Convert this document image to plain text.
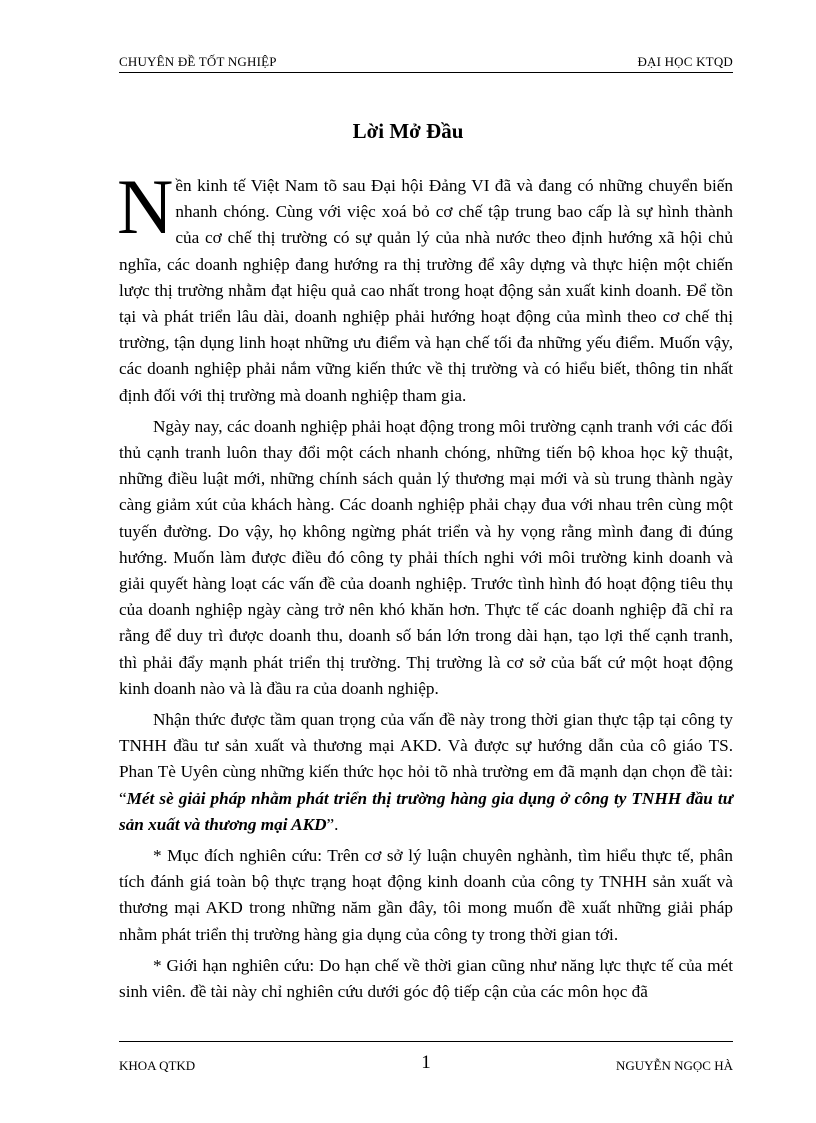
CHUYÊN ĐỀ TỐT NGHIỆP	ĐẠI HỌC KTQD
Lời Mở Đầu

Nền kinh tế Việt Nam tõ sau Đại hội Đảng VI đã và đang có những chuyển biến nhanh chóng. Cùng với việc xoá bỏ cơ chế tập trung bao cấp là sự hình thành của cơ chế thị trường có sự quản lý của nhà nước theo định hướng xã hội chủ nghĩa, các doanh nghiệp đang hướng ra thị trường để xây dựng và thực hiện một chiến lược thị trường nhằm đạt hiệu quả cao nhất trong hoạt động sản xuất kinh doanh. Để tồn tại và phát triển lâu dài, doanh nghiệp phải hướng hoạt động của mình theo cơ chế thị trường, tận dụng linh hoạt những ưu điểm và hạn chế tối đa những yếu điểm. Muốn vậy, các doanh nghiệp phải nắm vững kiến thức về thị trường và có hiểu biết, thông tin nhất định đối với thị trường mà doanh nghiệp tham gia.

Ngày nay, các doanh nghiệp phải hoạt động trong môi trường cạnh tranh với các đối thủ cạnh tranh luôn thay đổi một cách nhanh chóng, những tiến bộ khoa học kỹ thuật, những điều luật mới, những chính sách quản lý thương mại mới và sù trung thành ngày càng giảm xút của khách hàng. Các doanh nghiệp phải chạy đua với nhau trên cùng một tuyến đường. Do vậy, họ không ngừng phát triển và hy vọng rằng mình đang đi đúng hướng. Muốn làm được điều đó công ty phải thích nghi với môi trường kinh doanh và giải quyết hàng loạt các vấn đề của doanh nghiệp. Trước tình hình đó hoạt động tiêu thụ của doanh nghiệp ngày càng trở nên khó khăn hơn. Thực tế các doanh nghiệp đã chỉ ra rằng để duy trì được doanh thu, doanh số bán lớn trong dài hạn, tạo lợi thế cạnh tranh, thì phải đẩy mạnh phát triển thị trường. Thị trường là cơ sở của bất cứ một hoạt động kinh doanh nào và là đầu ra của doanh nghiệp.

Nhận thức được tầm quan trọng của vấn đề này trong thời gian thực tập tại công ty TNHH đầu tư sản xuất và thương mại AKD. Và được sự hướng dẫn của cô giáo TS. Phan Tè Uyên cùng những kiến thức học hỏi tõ nhà trường em đã mạnh dạn chọn đề tài: “Mét sè giải pháp nhằm phát triển thị trường hàng gia dụng ở công ty TNHH đầu tư sản xuất và thương mại AKD”.

* Mục đích nghiên cứu: Trên cơ sở lý luận chuyên nghành, tìm hiểu thực tế, phân tích đánh giá toàn bộ thực trạng hoạt động kinh doanh của công ty TNHH sản xuất và thương mại AKD trong những năm gần đây, tôi mong muốn đề xuất những giải pháp nhằm phát triển thị trường hàng gia dụng của công ty trong thời gian tới.

* Giới hạn nghiên cứu: Do hạn chế về thời gian cũng như năng lực thực tế của mét sinh viên. đề tài này chỉ nghiên cứu dưới góc độ tiếp cận của các môn học đã

KHOA QTKD	1	NGUYỄN NGỌC HÀ
